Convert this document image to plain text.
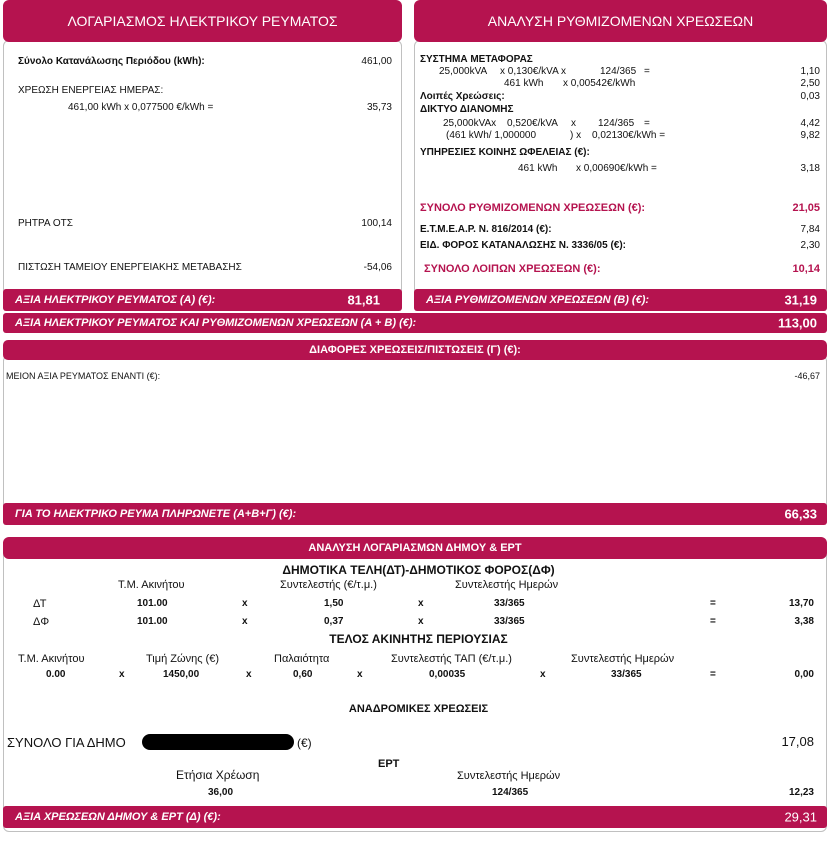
ΛΟΓΑΡΙΑΣΜΟΣ ΗΛΕΚΤΡΙΚΟΥ ΡΕΥΜΑΤΟΣ
Σύνολο Κατανάλωσης Περιόδου (kWh):	461,00
ΧΡΕΩΣΗ ΕΝΕΡΓΕΙΑΣ ΗΜΕΡΑΣ:
461,00 kWh x 0,077500 €/kWh =	35,73
ΡΗΤΡΑ ΟΤΣ	100,14
ΠΙΣΤΩΣΗ ΤΑΜΕΙΟΥ ΕΝΕΡΓΕΙΑΚΗΣ ΜΕΤΑΒΑΣΗΣ	-54,06
ΑΞΙΑ ΗΛΕΚΤΡΙΚΟΥ ΡΕΥΜΑΤΟΣ (Α) (€):	81,81
ΑΝΑΛΥΣΗ ΡΥΘΜΙΖΟΜΕΝΩΝ ΧΡΕΩΣΕΩΝ
ΣΥΣΤΗΜΑ ΜΕΤΑΦΟΡΑΣ
25,000kVA x 0,130€/kVA x	124/365 =	1,10
461 kWh x 0,00542€/kWh	2,50
Λοιπές Χρεώσεις:	0,03
ΔΙΚΤΥΟ ΔΙΑΝΟΜΗΣ
25,000kVAx 0,520€/kVA x 124/365 =	4,42
(461 kWh/ 1,000000	) x 0,02130€/kWh =	9,82
ΥΠΗΡΕΣΙΕΣ ΚΟΙΝΗΣ ΩΦΕΛΕΙΑΣ (€):
461 kWh x 0,00690€/kWh =	3,18
ΣΥΝΟΛΟ ΡΥΘΜΙΖΟΜΕΝΩΝ ΧΡΕΩΣΕΩΝ (€):	21,05
Ε.Τ.Μ.Ε.Α.Ρ. Ν. 816/2014 (€):	7,84
ΕΙΔ. ΦΟΡΟΣ ΚΑΤΑΝΑΛΩΣΗΣ Ν. 3336/05 (€):	2,30
ΣΥΝΟΛΟ ΛΟΙΠΩΝ ΧΡΕΩΣΕΩΝ (€):	10,14
ΑΞΙΑ ΡΥΘΜΙΖΟΜΕΝΩΝ ΧΡΕΩΣΕΩΝ (Β) (€):	31,19
ΑΞΙΑ ΗΛΕΚΤΡΙΚΟΥ ΡΕΥΜΑΤΟΣ ΚΑΙ ΡΥΘΜΙΖΟΜΕΝΩΝ ΧΡΕΩΣΕΩΝ (Α + Β) (€):	113,00
ΔΙΑΦΟΡΕΣ ΧΡΕΩΣΕΙΣ/ΠΙΣΤΩΣΕΙΣ (Γ) (€):
ΜΕΙΟΝ ΑΞΙΑ ΡΕΥΜΑΤΟΣ ΕΝΑΝΤΙ (€):	-46,67
ΓΙΑ ΤΟ ΗΛΕΚΤΡΙΚΟ ΡΕΥΜΑ ΠΛΗΡΩΝΕΤΕ (Α+Β+Γ) (€):	66,33
ΑΝΑΛΥΣΗ ΛΟΓΑΡΙΑΣΜΩΝ ΔΗΜΟΥ & ΕΡΤ
ΔΗΜΟΤΙΚΑ ΤΕΛΗ(ΔΤ)-ΔΗΜΟΤΙΚΟΣ ΦΟΡΟΣ(ΔΦ)
Τ.Μ. Ακινήτου	Συντελεστής (€/τ.μ.)	Συντελεστής Ημερών
ΔΤ	101.00	x	1,50	x	33/365	=	13,70
ΔΦ	101.00	x	0,37	x	33/365	=	3,38
ΤΕΛΟΣ ΑΚΙΝΗΤΗΣ ΠΕΡΙΟΥΣΙΑΣ
Τ.Μ. Ακινήτου	Τιμή Ζώνης (€)	Παλαιότητα	Συντελεστής ΤΑΠ (€/τ.μ.)	Συντελεστής Ημερών
0.00	x	1450,00	x	0,60	x	0,00035	x	33/365	=	0,00
ΑΝΑΔΡΟΜΙΚΕΣ ΧΡΕΩΣΕΙΣ
ΣΥΝΟΛΟ ΓΙΑ ΔΗΜΟ	(€)	17,08
ΕΡΤ
Ετήσια Χρέωση	Συντελεστής Ημερών
36,00	124/365	12,23
ΑΞΙΑ ΧΡΕΩΣΕΩΝ ΔΗΜΟΥ & ΕΡΤ (Δ) (€):	29,31
